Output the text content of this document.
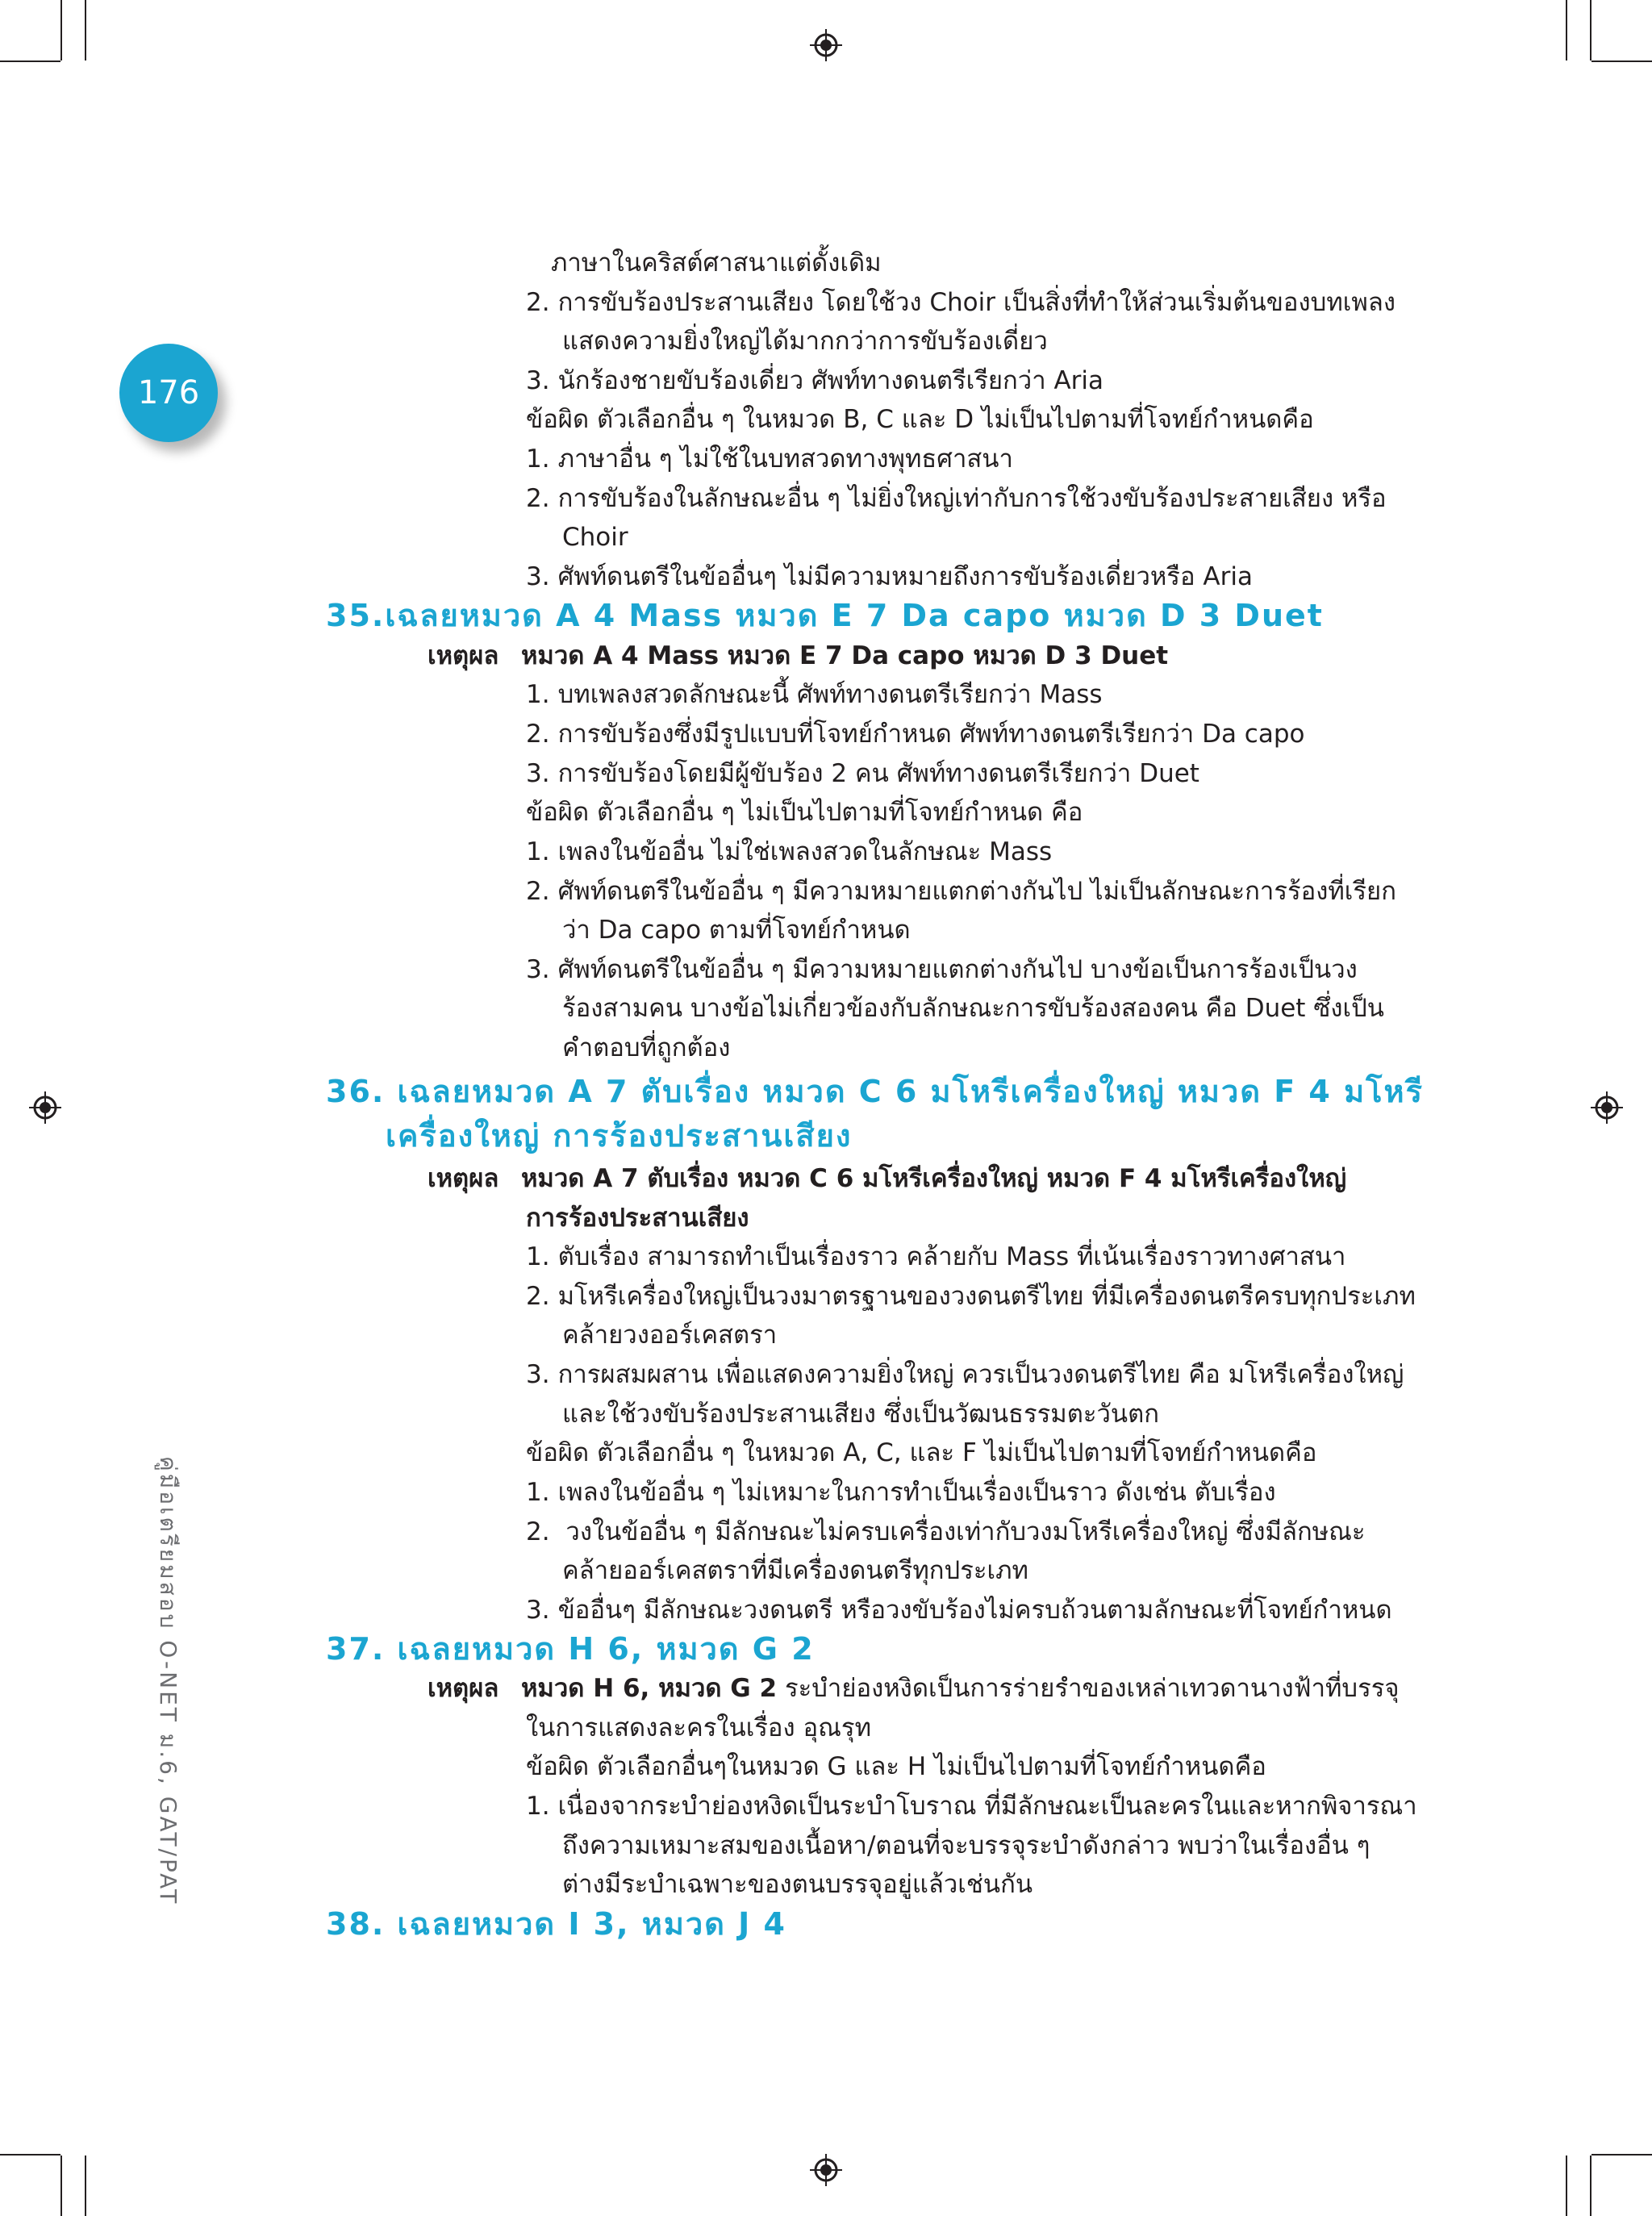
176
คู่มือเตรียมสอบ O-NET ม.6, GAT/PAT
ภาษาในคริสต์ศาสนาแต่ดั้งเดิม
2. การขับร้องประสานเสียง โดยใช้วง Choir เป็นสิ่งที่ทำให้ส่วนเริ่มต้นของบทเพลง
แสดงความยิ่งใหญ่ได้มากกว่าการขับร้องเดี่ยว
3. นักร้องชายขับร้องเดี่ยว ศัพท์ทางดนตรีเรียกว่า Aria
ข้อผิด ตัวเลือกอื่น ๆ ในหมวด B, C และ D ไม่เป็นไปตามที่โจทย์กำหนดคือ
1. ภาษาอื่น ๆ ไม่ใช้ในบทสวดทางพุทธศาสนา
2. การขับร้องในลักษณะอื่น ๆ ไม่ยิ่งใหญ่เท่ากับการใช้วงขับร้องประสายเสียง หรือ
Choir
3. ศัพท์ดนตรีในข้ออื่นๆ ไม่มีความหมายถึงการขับร้องเดี่ยวหรือ Aria
35.เฉลยหมวด A 4 Mass หมวด E 7 Da capo หมวด D 3 Duet
เหตุผล หมวด A 4 Mass หมวด E 7 Da capo หมวด D 3 Duet
1. บทเพลงสวดลักษณะนี้ ศัพท์ทางดนตรีเรียกว่า Mass
2. การขับร้องซึ่งมีรูปแบบที่โจทย์กำหนด ศัพท์ทางดนตรีเรียกว่า Da capo
3. การขับร้องโดยมีผู้ขับร้อง 2 คน ศัพท์ทางดนตรีเรียกว่า Duet
ข้อผิด ตัวเลือกอื่น ๆ ไม่เป็นไปตามที่โจทย์กำหนด คือ
1. เพลงในข้ออื่น ไม่ใช่เพลงสวดในลักษณะ Mass
2. ศัพท์ดนตรีในข้ออื่น ๆ มีความหมายแตกต่างกันไป ไม่เป็นลักษณะการร้องที่เรียก
ว่า Da capo ตามที่โจทย์กำหนด
3. ศัพท์ดนตรีในข้ออื่น ๆ มีความหมายแตกต่างกันไป บางข้อเป็นการร้องเป็นวง
ร้องสามคน บางข้อไม่เกี่ยวข้องกับลักษณะการขับร้องสองคน คือ Duet ซึ่งเป็น
คำตอบที่ถูกต้อง
36. เฉลยหมวด A 7 ตับเรื่อง หมวด C 6 มโหรีเครื่องใหญ่ หมวด F 4 มโหรี
เครื่องใหญ่ การร้องประสานเสียง
เหตุผล หมวด A 7 ตับเรื่อง หมวด C 6 มโหรีเครื่องใหญ่ หมวด F 4 มโหรีเครื่องใหญ่
การร้องประสานเสียง
1. ตับเรื่อง สามารถทำเป็นเรื่องราว คล้ายกับ Mass ที่เน้นเรื่องราวทางศาสนา
2. มโหรีเครื่องใหญ่เป็นวงมาตรฐานของวงดนตรีไทย ที่มีเครื่องดนตรีครบทุกประเภท
คล้ายวงออร์เคสตรา
3. การผสมผสาน เพื่อแสดงความยิ่งใหญ่ ควรเป็นวงดนตรีไทย คือ มโหรีเครื่องใหญ่
และใช้วงขับร้องประสานเสียง ซึ่งเป็นวัฒนธรรมตะวันตก
ข้อผิด ตัวเลือกอื่น ๆ ในหมวด A, C, และ F ไม่เป็นไปตามที่โจทย์กำหนดคือ
1. เพลงในข้ออื่น ๆ ไม่เหมาะในการทำเป็นเรื่องเป็นราว ดังเช่น ตับเรื่อง
2. วงในข้ออื่น ๆ มีลักษณะไม่ครบเครื่องเท่ากับวงมโหรีเครื่องใหญ่ ซึ่งมีลักษณะ
คล้ายออร์เคสตราที่มีเครื่องดนตรีทุกประเภท
3. ข้ออื่นๆ มีลักษณะวงดนตรี หรือวงขับร้องไม่ครบถ้วนตามลักษณะที่โจทย์กำหนด
37. เฉลยหมวด H 6, หมวด G 2
เหตุผล หมวด H 6, หมวด G 2 ระบำย่องหงิดเป็นการร่ายรำของเหล่าเทวดานางฟ้าที่บรรจุ
ในการแสดงละครในเรื่อง อุณรุท
ข้อผิด ตัวเลือกอื่นๆในหมวด G และ H ไม่เป็นไปตามที่โจทย์กำหนดคือ
1. เนื่องจากระบำย่องหงิดเป็นระบำโบราณ ที่มีลักษณะเป็นละครในและหากพิจารณา
ถึงความเหมาะสมของเนื้อหา/ตอนที่จะบรรจุระบำดังกล่าว พบว่าในเรื่องอื่น ๆ
ต่างมีระบำเฉพาะของตนบรรจุอยู่แล้วเช่นกัน
38. เฉลยหมวด I 3, หมวด J 4
